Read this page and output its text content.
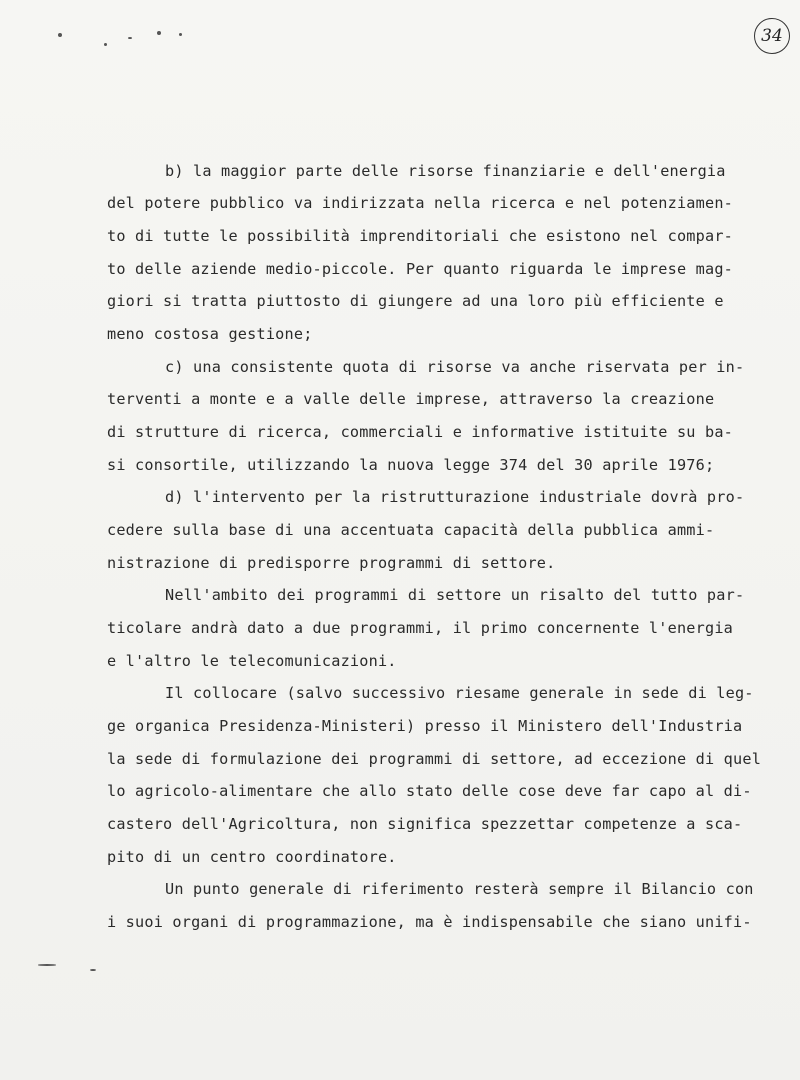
34
b) la maggior parte delle risorse finanziarie e dell'energia
del potere pubblico va indirizzata nella ricerca e nel potenziamen-
to di tutte le possibilità imprenditoriali che esistono nel compar-
to delle aziende medio-piccole. Per quanto riguarda le imprese mag-
giori si tratta piuttosto di giungere ad una loro più efficiente e
meno costosa gestione;
c) una consistente quota di risorse va anche riservata per in-
terventi a monte e a valle delle imprese, attraverso la creazione
di strutture di ricerca, commerciali e informative istituite su ba-
si consortile, utilizzando la nuova legge 374 del 30 aprile 1976;
d) l'intervento per la ristrutturazione industriale dovrà pro-
cedere sulla base di una accentuata capacità della pubblica ammi-
nistrazione di predisporre programmi di settore.
Nell'ambito dei programmi di settore un risalto del tutto par-
ticolare andrà dato a due programmi, il primo concernente l'energia
e l'altro le telecomunicazioni.
Il collocare (salvo successivo riesame generale in sede di leg-
ge organica Presidenza-Ministeri) presso il Ministero dell'Industria
la sede di formulazione dei programmi di settore, ad eccezione di quel
lo agricolo-alimentare che allo stato delle cose deve far capo al di-
castero dell'Agricoltura, non significa spezzettar competenze a sca-
pito di un centro coordinatore.
Un punto generale di riferimento resterà sempre il Bilancio con
i suoi organi di programmazione, ma è indispensabile che siano unifi-
